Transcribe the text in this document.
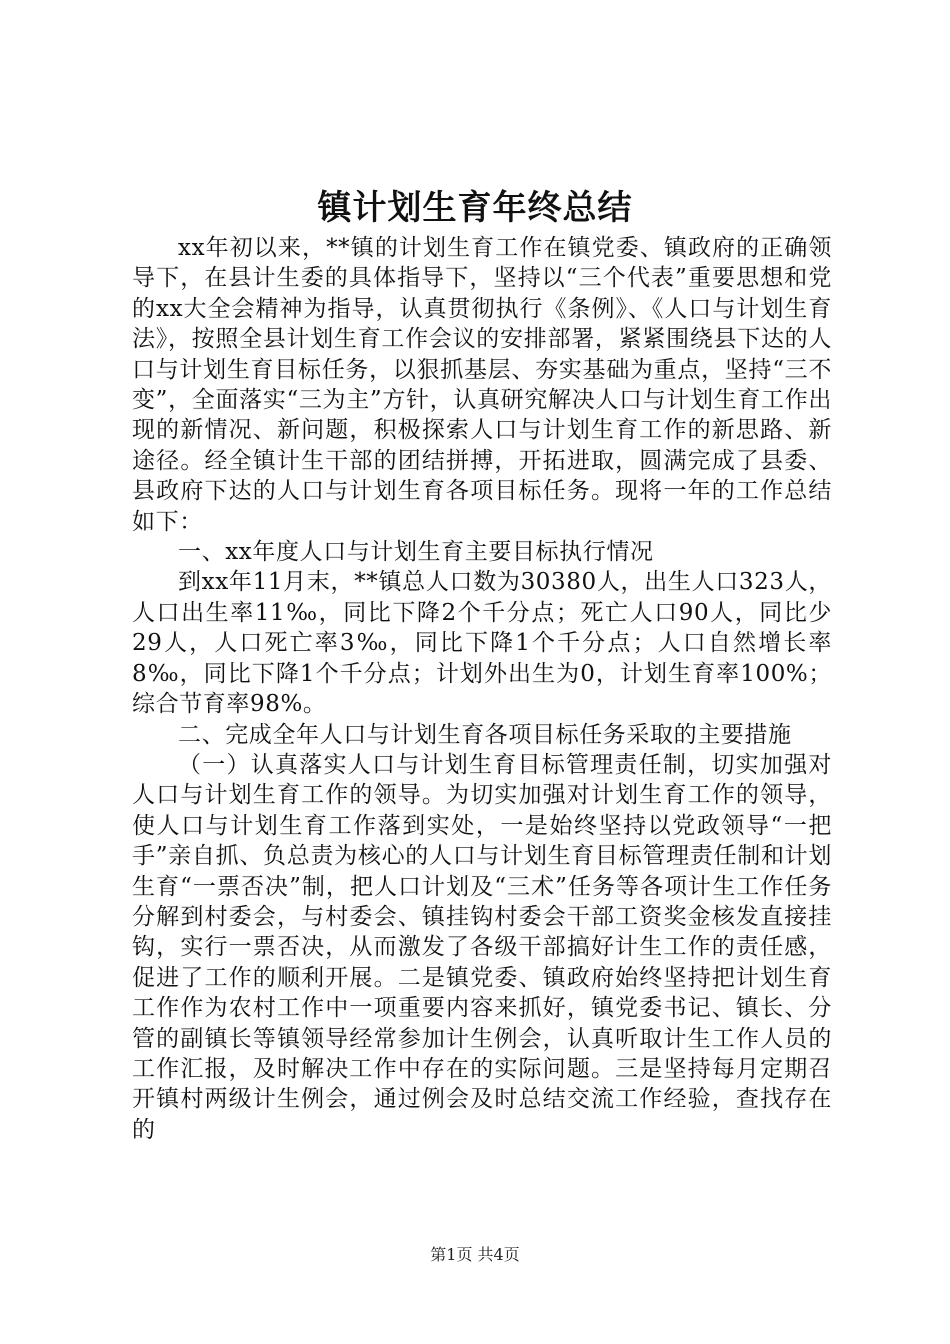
镇计划生育年终总结

xx年初以来，**镇的计划生育工作在镇党委、镇政府的正确领导下，在县计生委的具体指导下，坚持以“三个代表”重要思想和党的xx大全会精神为指导，认真贯彻执行《条例》、《人口与计划生育法》，按照全县计划生育工作会议的安排部署，紧紧围绕县下达的人口与计划生育目标任务，以狠抓基层、夯实基础为重点，坚持“三不变”，全面落实“三为主”方针，认真研究解决人口与计划生育工作出现的新情况、新问题，积极探索人口与计划生育工作的新思路、新途径。经全镇计生干部的团结拼搏，开拓进取，圆满完成了县委、县政府下达的人口与计划生育各项目标任务。现将一年的工作总结如下：

一、xx年度人口与计划生育主要目标执行情况

到xx年11月末，**镇总人口数为30380人，出生人口323人，人口出生率11‰，同比下降2个千分点；死亡人口90人，同比少29人，人口死亡率3‰，同比下降1个千分点；人口自然增长率8‰，同比下降1个千分点；计划外出生为0，计划生育率100%；综合节育率98%。

二、完成全年人口与计划生育各项目标任务采取的主要措施

（一）认真落实人口与计划生育目标管理责任制，切实加强对人口与计划生育工作的领导。为切实加强对计划生育工作的领导，使人口与计划生育工作落到实处，一是始终坚持以党政领导“一把手”亲自抓、负总责为核心的人口与计划生育目标管理责任制和计划生育“一票否决”制，把人口计划及“三术”任务等各项计生工作任务分解到村委会，与村委会、镇挂钩村委会干部工资奖金核发直接挂钩，实行一票否决，从而激发了各级干部搞好计生工作的责任感，促进了工作的顺利开展。二是镇党委、镇政府始终坚持把计划生育工作作为农村工作中一项重要内容来抓好，镇党委书记、镇长、分管的副镇长等镇领导经常参加计生例会，认真听取计生工作人员的工作汇报，及时解决工作中存在的实际问题。三是坚持每月定期召开镇村两级计生例会，通过例会及时总结交流工作经验，查找存在的

第1页 共4页
